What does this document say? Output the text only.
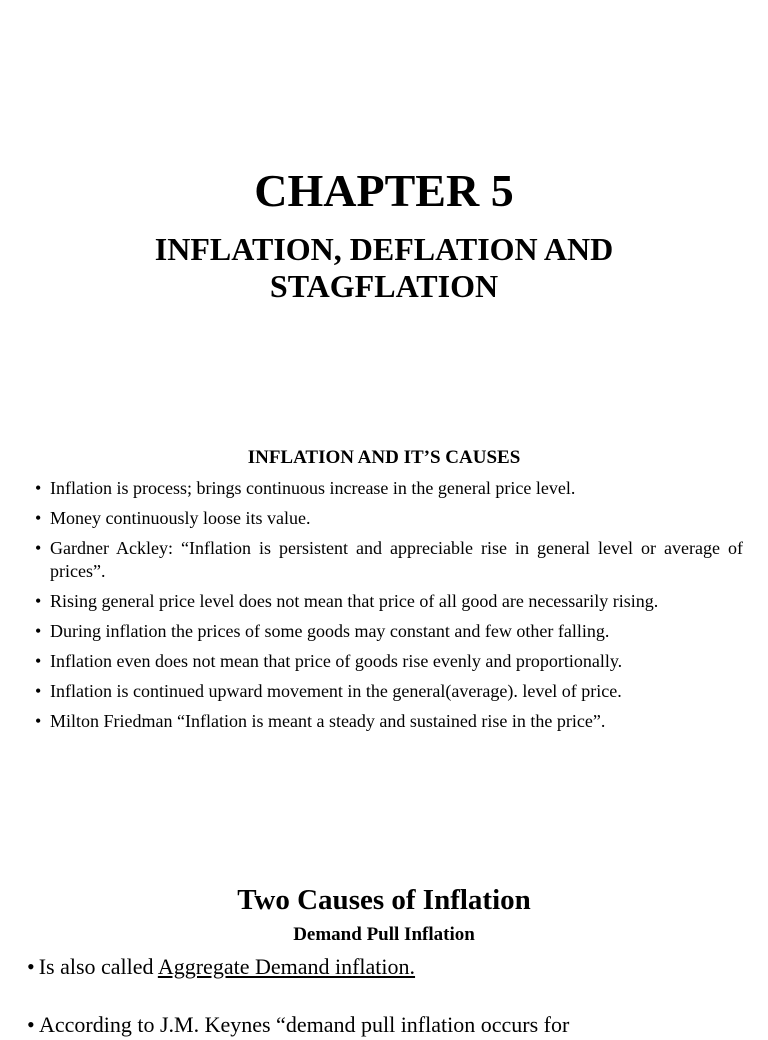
CHAPTER 5
INFLATION, DEFLATION AND STAGFLATION
INFLATION AND IT’S CAUSES
• Inflation is process; brings continuous increase in the general price level.
• Money continuously loose its value.
• Gardner Ackley: “Inflation is persistent and appreciable rise in general level or average of prices”.
• Rising general price level does not mean that price of all good are necessarily rising.
• During inflation the prices of some goods may constant and few other falling.
• Inflation even does not mean that price of goods rise evenly and proportionally.
• Inflation is continued upward movement in the general(average). level of price.
• Milton Friedman “Inflation is meant a steady and sustained rise in the price”.
Two Causes of Inflation
Demand Pull Inflation

• Is also called Aggregate Demand inflation.

• According to J.M. Keynes “demand pull inflation occurs for
